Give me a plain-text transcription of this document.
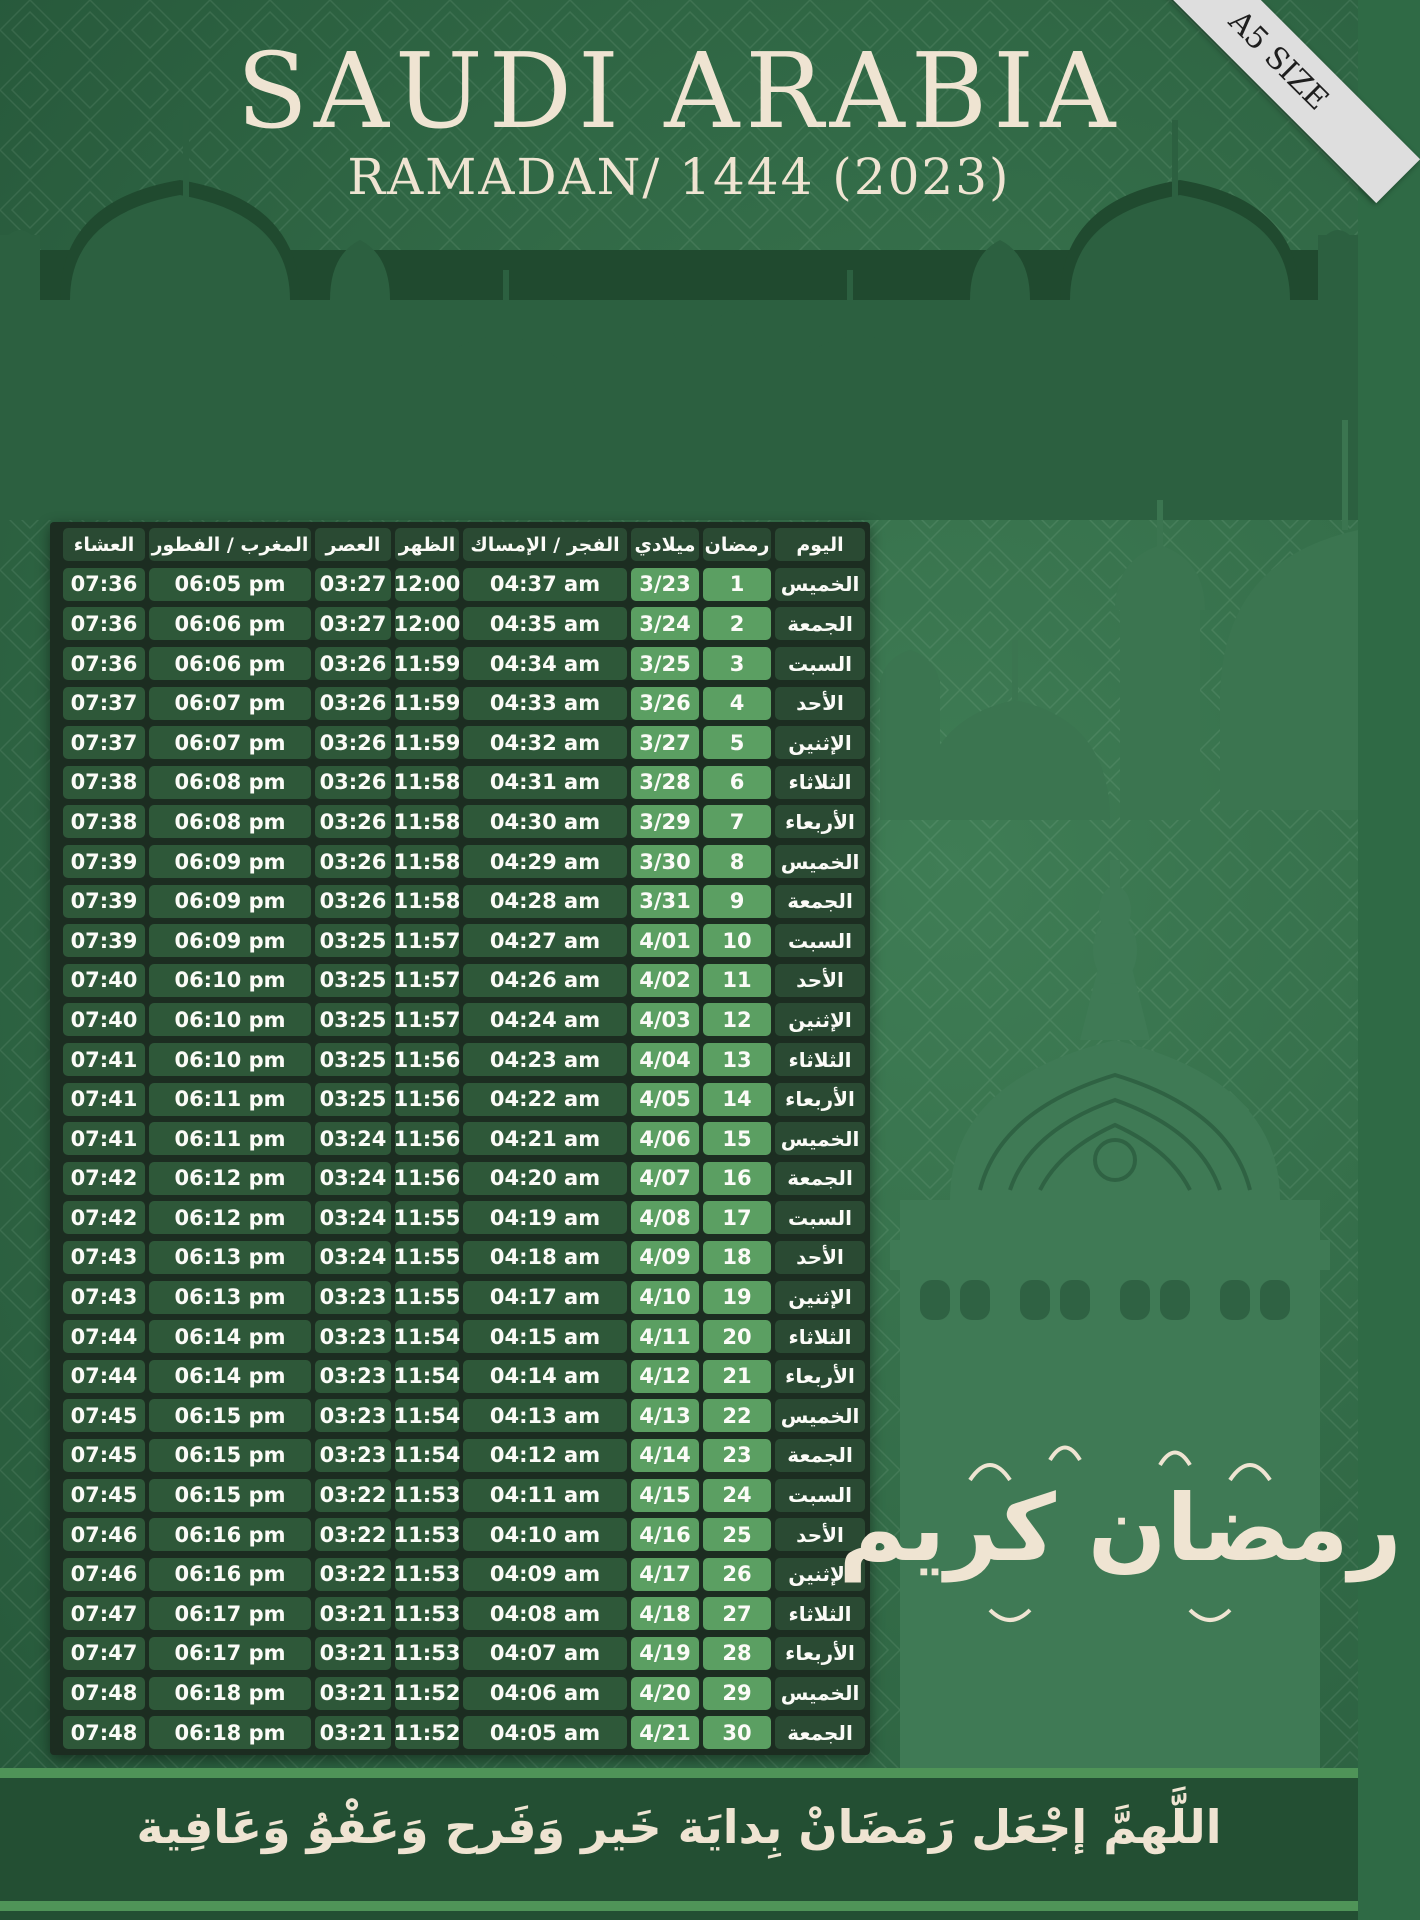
SAUDI ARABIA
RAMADAN/ 1444 (2023)
A5 SIZE
اليوم
رمضان
ميلادي
الفجر / الإمساك
الظهر
العصر
المغرب / الفطور
العشاء
الخميس
1
3/23
04:37 am
12:00
03:27
06:05 pm
07:36
الجمعة
2
3/24
04:35 am
12:00
03:27
06:06 pm
07:36
السبت
3
3/25
04:34 am
11:59
03:26
06:06 pm
07:36
الأحد
4
3/26
04:33 am
11:59
03:26
06:07 pm
07:37
الإثنين
5
3/27
04:32 am
11:59
03:26
06:07 pm
07:37
الثلاثاء
6
3/28
04:31 am
11:58
03:26
06:08 pm
07:38
الأربعاء
7
3/29
04:30 am
11:58
03:26
06:08 pm
07:38
الخميس
8
3/30
04:29 am
11:58
03:26
06:09 pm
07:39
الجمعة
9
3/31
04:28 am
11:58
03:26
06:09 pm
07:39
السبت
10
4/01
04:27 am
11:57
03:25
06:09 pm
07:39
الأحد
11
4/02
04:26 am
11:57
03:25
06:10 pm
07:40
الإثنين
12
4/03
04:24 am
11:57
03:25
06:10 pm
07:40
الثلاثاء
13
4/04
04:23 am
11:56
03:25
06:10 pm
07:41
الأربعاء
14
4/05
04:22 am
11:56
03:25
06:11 pm
07:41
الخميس
15
4/06
04:21 am
11:56
03:24
06:11 pm
07:41
الجمعة
16
4/07
04:20 am
11:56
03:24
06:12 pm
07:42
السبت
17
4/08
04:19 am
11:55
03:24
06:12 pm
07:42
الأحد
18
4/09
04:18 am
11:55
03:24
06:13 pm
07:43
الإثنين
19
4/10
04:17 am
11:55
03:23
06:13 pm
07:43
الثلاثاء
20
4/11
04:15 am
11:54
03:23
06:14 pm
07:44
الأربعاء
21
4/12
04:14 am
11:54
03:23
06:14 pm
07:44
الخميس
22
4/13
04:13 am
11:54
03:23
06:15 pm
07:45
الجمعة
23
4/14
04:12 am
11:54
03:23
06:15 pm
07:45
السبت
24
4/15
04:11 am
11:53
03:22
06:15 pm
07:45
الأحد
25
4/16
04:10 am
11:53
03:22
06:16 pm
07:46
الإثنين
26
4/17
04:09 am
11:53
03:22
06:16 pm
07:46
الثلاثاء
27
4/18
04:08 am
11:53
03:21
06:17 pm
07:47
الأربعاء
28
4/19
04:07 am
11:53
03:21
06:17 pm
07:47
الخميس
29
4/20
04:06 am
11:52
03:21
06:18 pm
07:48
الجمعة
30
4/21
04:05 am
11:52
03:21
06:18 pm
07:48
رمضان كريم
اللَّهمَّ إجْعَل رَمَضَانْ بِدايَة خَير وَفَرح وَعَفْوُ وَعَافِية
